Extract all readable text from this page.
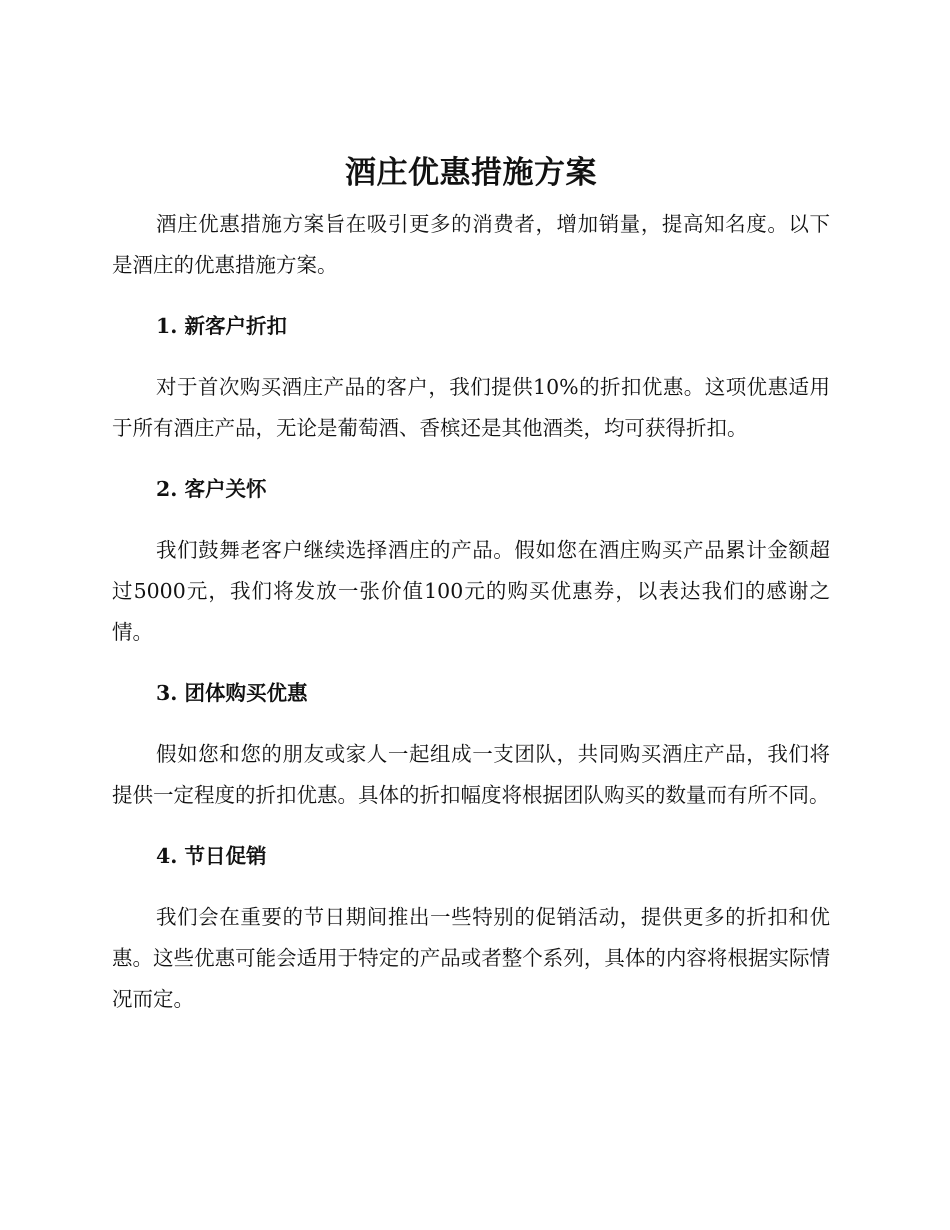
酒庄优惠措施方案

酒庄优惠措施方案旨在吸引更多的消费者，增加销量，提高知名度。以下是酒庄的优惠措施方案。

1. 新客户折扣

对于首次购买酒庄产品的客户，我们提供10%的折扣优惠。这项优惠适用于所有酒庄产品，无论是葡萄酒、香槟还是其他酒类，均可获得折扣。

2. 客户关怀

我们鼓舞老客户继续选择酒庄的产品。假如您在酒庄购买产品累计金额超过5000元，我们将发放一张价值100元的购买优惠券，以表达我们的感谢之情。

3. 团体购买优惠

假如您和您的朋友或家人一起组成一支团队，共同购买酒庄产品，我们将提供一定程度的折扣优惠。具体的折扣幅度将根据团队购买的数量而有所不同。

4. 节日促销

我们会在重要的节日期间推出一些特别的促销活动，提供更多的折扣和优惠。这些优惠可能会适用于特定的产品或者整个系列，具体的内容将根据实际情况而定。
